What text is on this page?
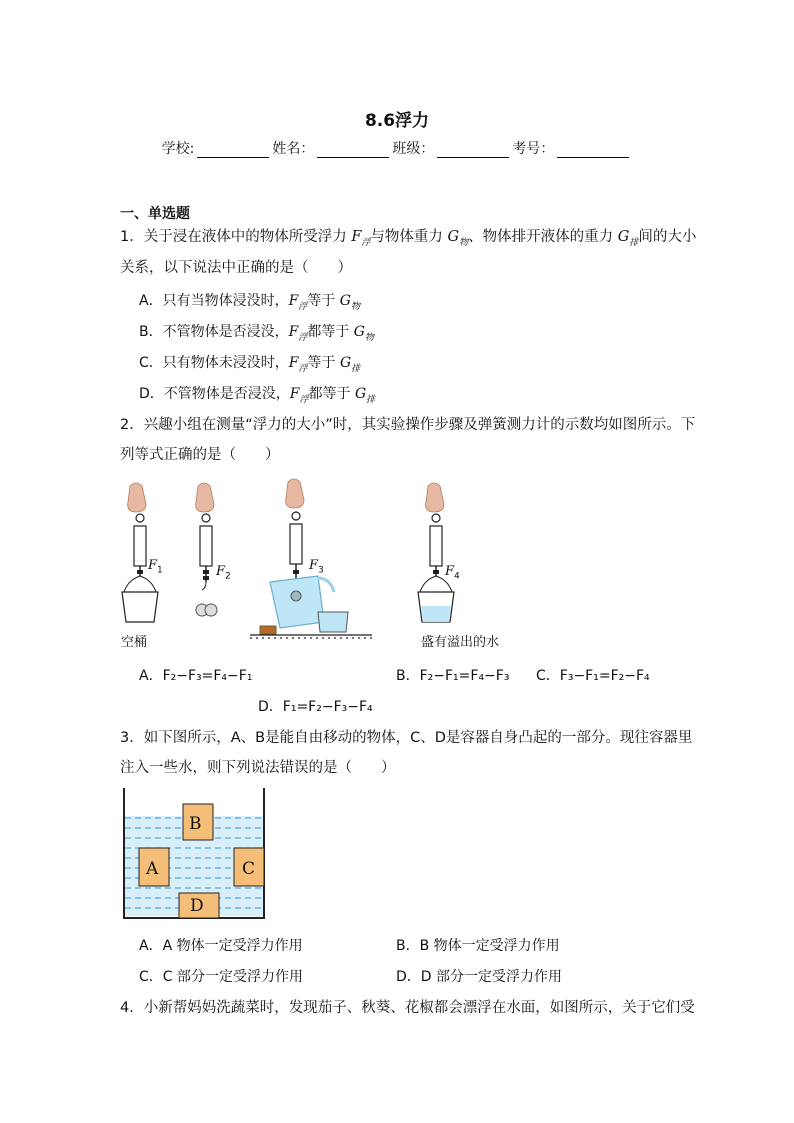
8.6浮力
学校:	姓名：	班级：	考号：
一、单选题
1．关于浸在液体中的物体所受浮力 $F_浮$与物体重力 $G_物$、物体排开液体的重力 $G_排$间的大小
关系，以下说法中正确的是（　　）
A．只有当物体浸没时，$F_浮$等于 $G_物$
B．不管物体是否浸没，$F_浮$都等于 $G_物$
C．只有物体未浸没时，$F_浮$等于 $G_排$
D．不管物体是否浸没，$F_浮$都等于 $G_排$
2．兴趣小组在测量“浮力的大小”时，其实验操作步骤及弹簧测力计的示数均如图所示。下
列等式正确的是（　　）
$F_1$	$F_2$
$F_3$	$F_4$
空桶	盛有溢出的水
A．F₂−F₃=F₄−F₁	B．F₂−F₁=F₄−F₃ C．F₃−F₁=F₂−F₄
D．F₁=F₂−F₃−F₄
3．如下图所示，A、B是能自由移动的物体，C、D是容器自身凸起的一部分。现往容器里
注入一些水，则下列说法错误的是（　　）
B
A	C
D
A．A 物体一定受浮力作用	B．B 物体一定受浮力作用
C．C 部分一定受浮力作用	D．D 部分一定受浮力作用
4．小新帮妈妈洗蔬菜时，发现茄子、秋葵、花椒都会漂浮在水面，如图所示，关于它们受
